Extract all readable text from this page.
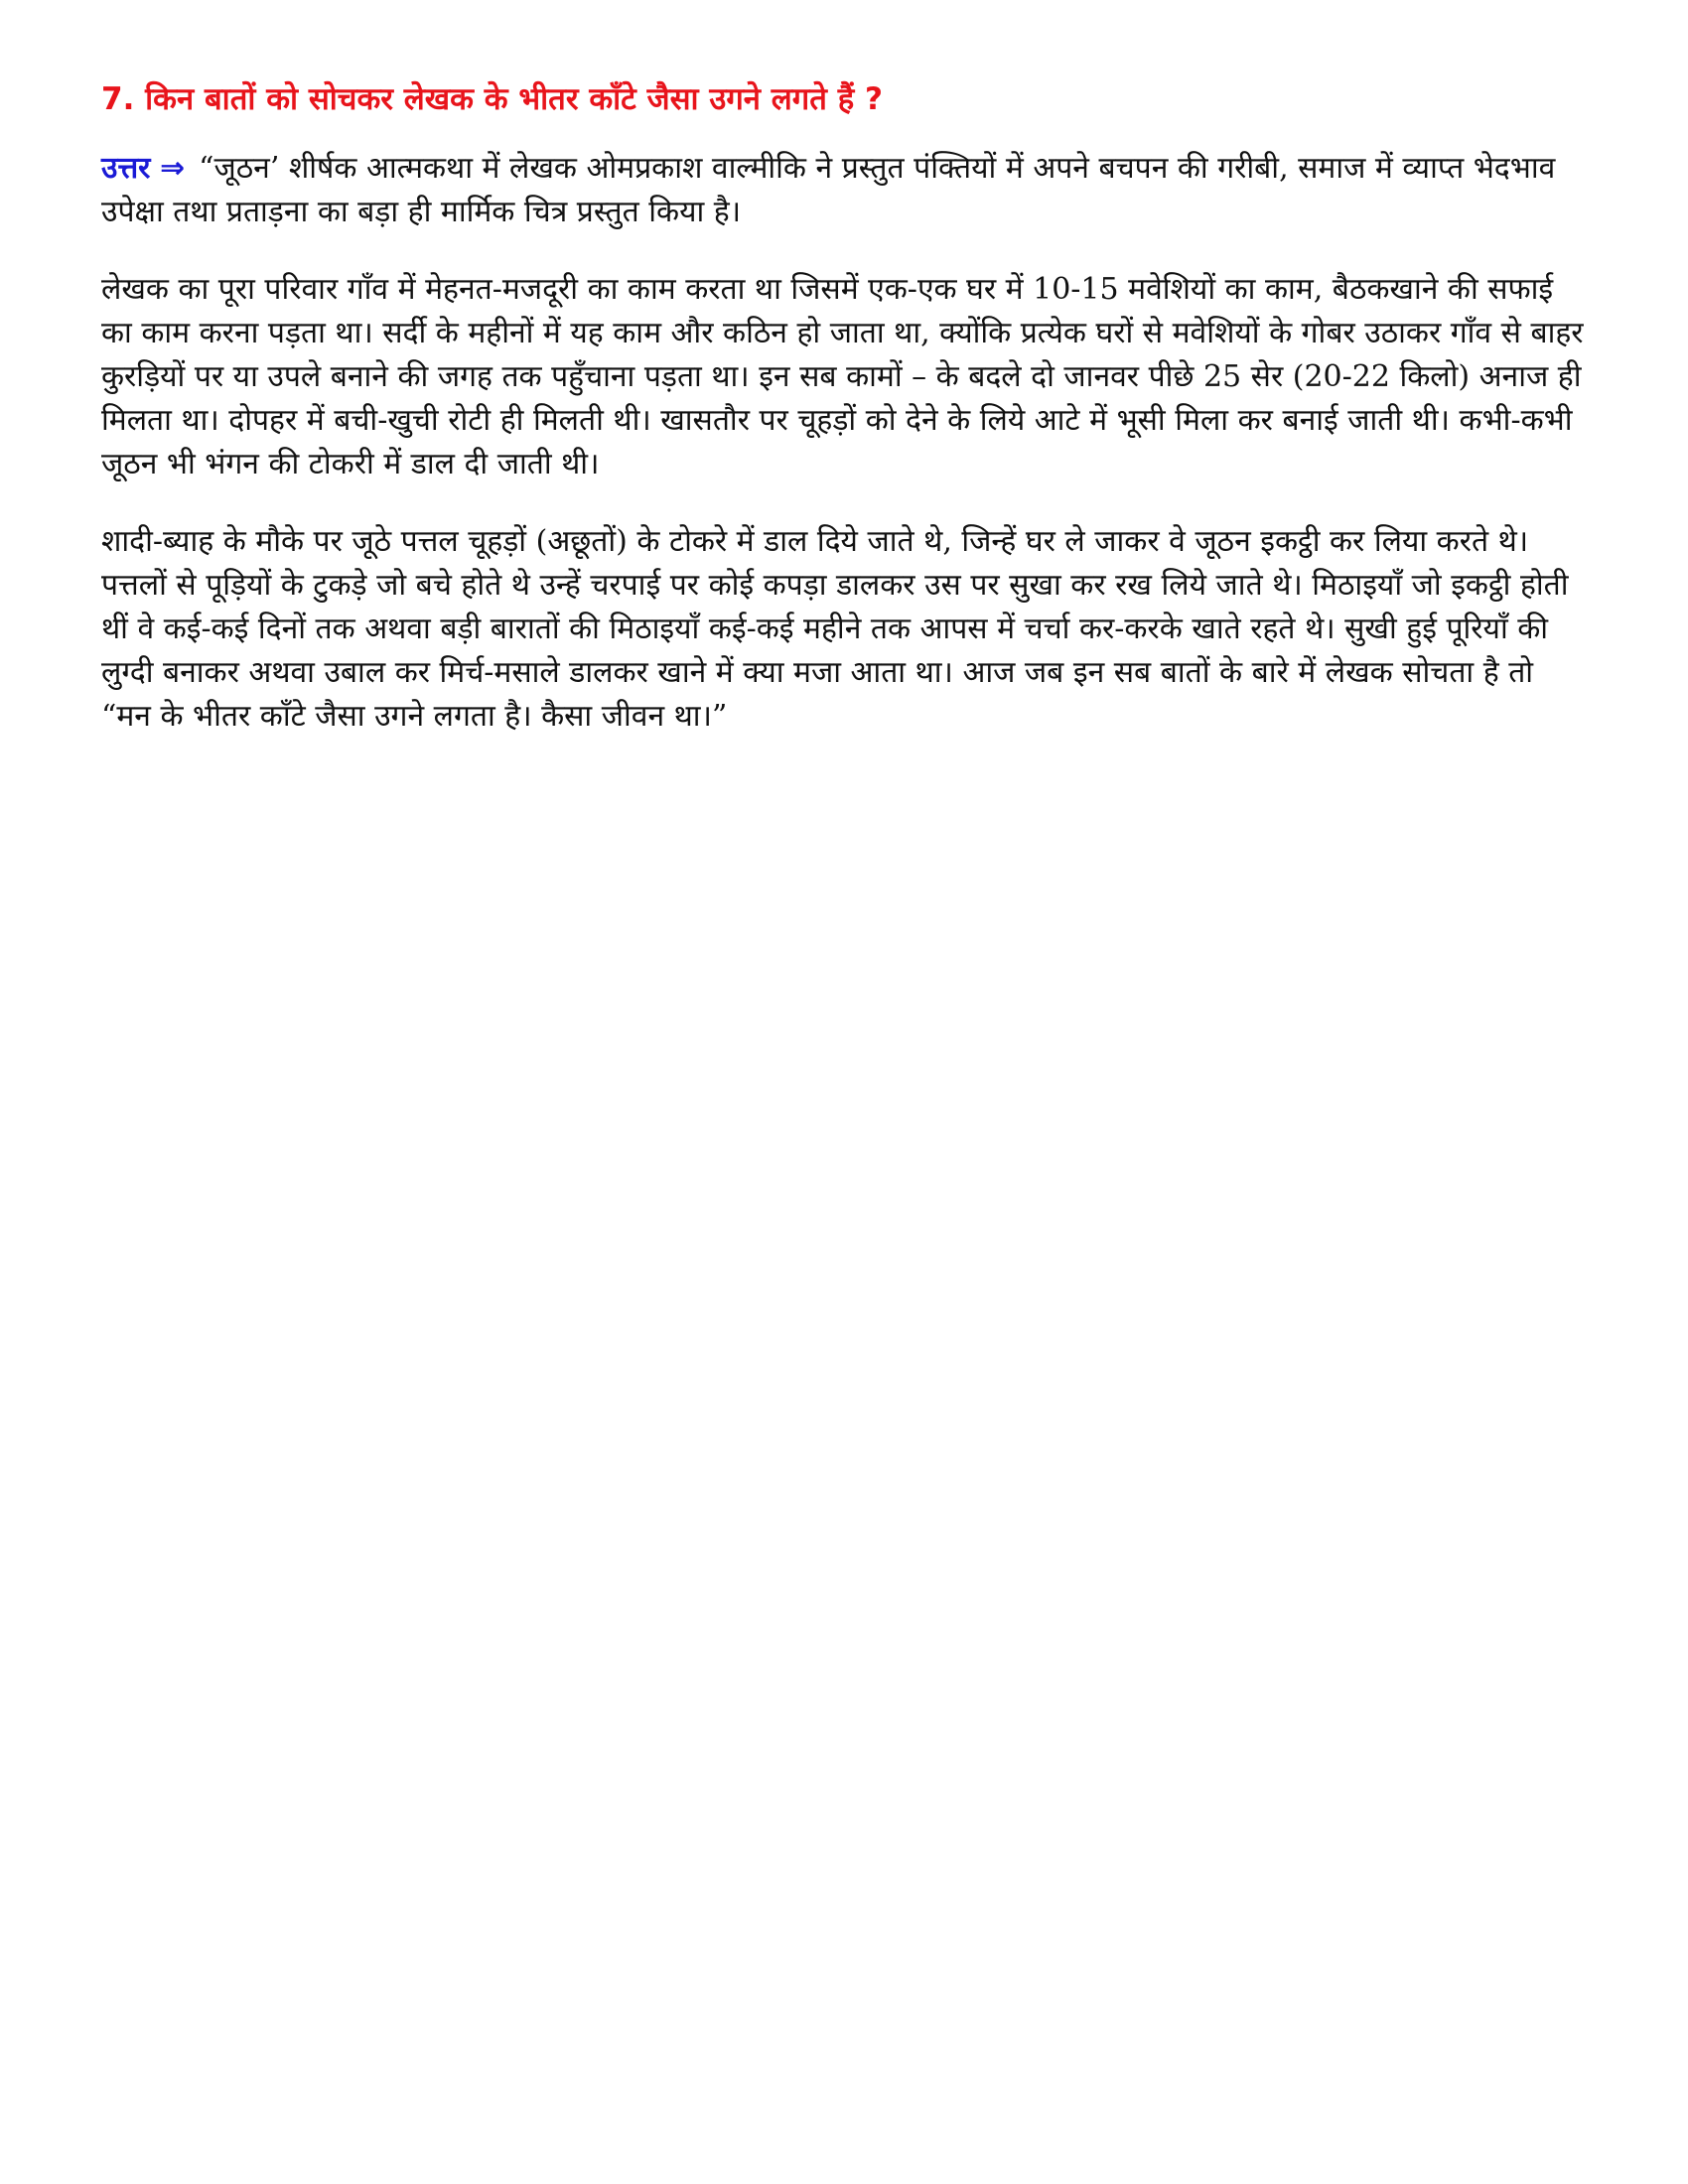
7. किन बातों को सोचकर लेखक के भीतर काँटे जैसा उगने लगते हैं ?

उत्तर ⇒ “जूठन’ शीर्षक आत्मकथा में लेखक ओमप्रकाश वाल्मीकि ने प्रस्तुत पंक्तियों में अपने बचपन की गरीबी, समाज में व्याप्त भेदभाव उपेक्षा तथा प्रताड़ना का बड़ा ही मार्मिक चित्र प्रस्तुत किया है।

लेखक का पूरा परिवार गाँव में मेहनत-मजदूरी का काम करता था जिसमें एक-एक घर में 10-15 मवेशियों का काम, बैठकखाने की सफाई का काम करना पड़ता था। सर्दी के महीनों में यह काम और कठिन हो जाता था, क्योंकि प्रत्येक घरों से मवेशियों के गोबर उठाकर गाँव से बाहर कुरड़ियों पर या उपले बनाने की जगह तक पहुँचाना पड़ता था। इन सब कामों – के बदले दो जानवर पीछे 25 सेर (20-22 किलो) अनाज ही मिलता था। दोपहर में बची-खुची रोटी ही मिलती थी। खासतौर पर चूहड़ों को देने के लिये आटे में भूसी मिला कर बनाई जाती थी। कभी-कभी जूठन भी भंगन की टोकरी में डाल दी जाती थी।

शादी-ब्याह के मौके पर जूठे पत्तल चूहड़ों (अछूतों) के टोकरे में डाल दिये जाते थे, जिन्हें घर ले जाकर वे जूठन इकट्ठी कर लिया करते थे। पत्तलों से पूड़ियों के टुकड़े जो बचे होते थे उन्हें चरपाई पर कोई कपड़ा डालकर उस पर सुखा कर रख लिये जाते थे। मिठाइयाँ जो इकट्ठी होती थीं वे कई-कई दिनों तक अथवा बड़ी बारातों की मिठाइयाँ कई-कई महीने तक आपस में चर्चा कर-करके खाते रहते थे। सुखी हुई पूरियाँ की लुग्दी बनाकर अथवा उबाल कर मिर्च-मसाले डालकर खाने में क्या मजा आता था। आज जब इन सब बातों के बारे में लेखक सोचता है तो “मन के भीतर काँटे जैसा उगने लगता है। कैसा जीवन था।”
